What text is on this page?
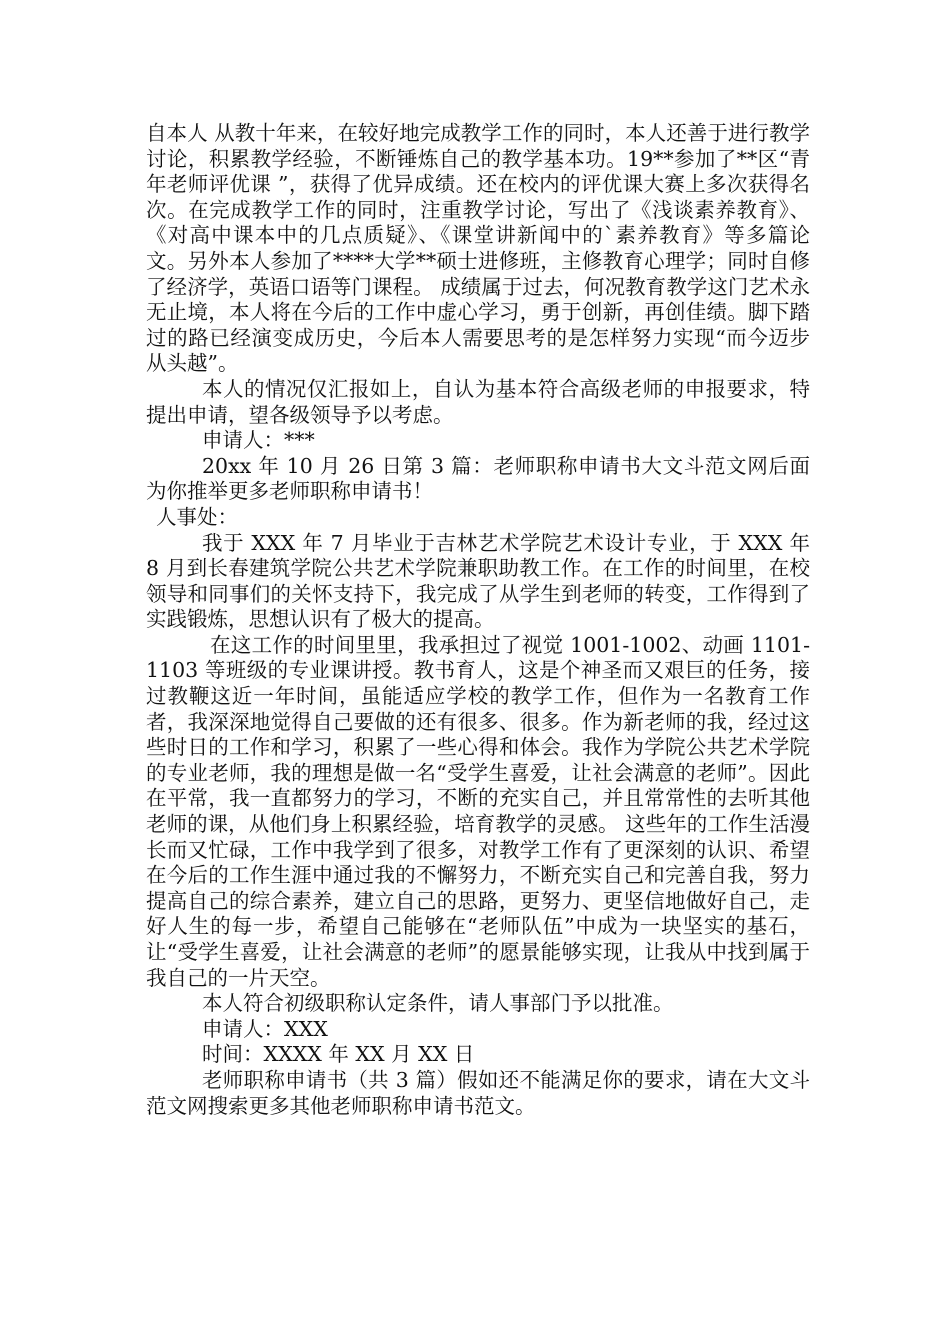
自本人 从教十年来，在较好地完成教学工作的同时，本人还善于进行教学讨论，积累教学经验，不断锤炼自己的教学基本功。19**参加了**区“青年老师评优课 ”，获得了优异成绩。还在校内的评优课大赛上多次获得名次。在完成教学工作的同时，注重教学讨论，写出了《浅谈素养教育》、《对高中课本中的几点质疑》、《课堂讲新闻中的`素养教育》等多篇论文。另外本人参加了****大学**硕士进修班，主修教育心理学；同时自修了经济学，英语口语等门课程。 成绩属于过去，何况教育教学这门艺术永无止境，本人将在今后的工作中虚心学习，勇于创新，再创佳绩。脚下踏过的路已经演变成历史，今后本人需要思考的是怎样努力实现“而今迈步从头越”。

本人的情况仅汇报如上，自认为基本符合高级老师的申报要求，特提出申请，望各级领导予以考虑。

申请人：***

20xx 年 10 月 26 日第 3 篇：老师职称申请书大文斗范文网后面为你推举更多老师职称申请书！

人事处：

我于 XXX 年 7 月毕业于吉林艺术学院艺术设计专业，于 XXX 年 8 月到长春建筑学院公共艺术学院兼职助教工作。在工作的时间里，在校领导和同事们的关怀支持下，我完成了从学生到老师的转变，工作得到了实践锻炼，思想认识有了极大的提高。

在这工作的时间里里，我承担过了视觉 1001-1002、动画 1101-1103 等班级的专业课讲授。教书育人，这是个神圣而又艰巨的任务，接过教鞭这近一年时间，虽能适应学校的教学工作，但作为一名教育工作者，我深深地觉得自己要做的还有很多、很多。作为新老师的我，经过这些时日的工作和学习，积累了一些心得和体会。我作为学院公共艺术学院的专业老师，我的理想是做一名“受学生喜爱，让社会满意的老师”。因此在平常，我一直都努力的学习，不断的充实自己，并且常常性的去听其他老师的课，从他们身上积累经验，培育教学的灵感。 这些年的工作生活漫长而又忙碌，工作中我学到了很多，对教学工作有了更深刻的认识、希望在今后的工作生涯中通过我的不懈努力，不断充实自己和完善自我，努力提高自己的综合素养，建立自己的思路，更努力、更坚信地做好自己，走好人生的每一步，希望自己能够在“老师队伍”中成为一块坚实的基石，让“受学生喜爱，让社会满意的老师”的愿景能够实现，让我从中找到属于我自己的一片天空。

本人符合初级职称认定条件，请人事部门予以批准。

申请人：XXX

时间：XXXX 年 XX 月 XX 日

老师职称申请书（共 3 篇）假如还不能满足你的要求，请在大文斗范文网搜索更多其他老师职称申请书范文。
